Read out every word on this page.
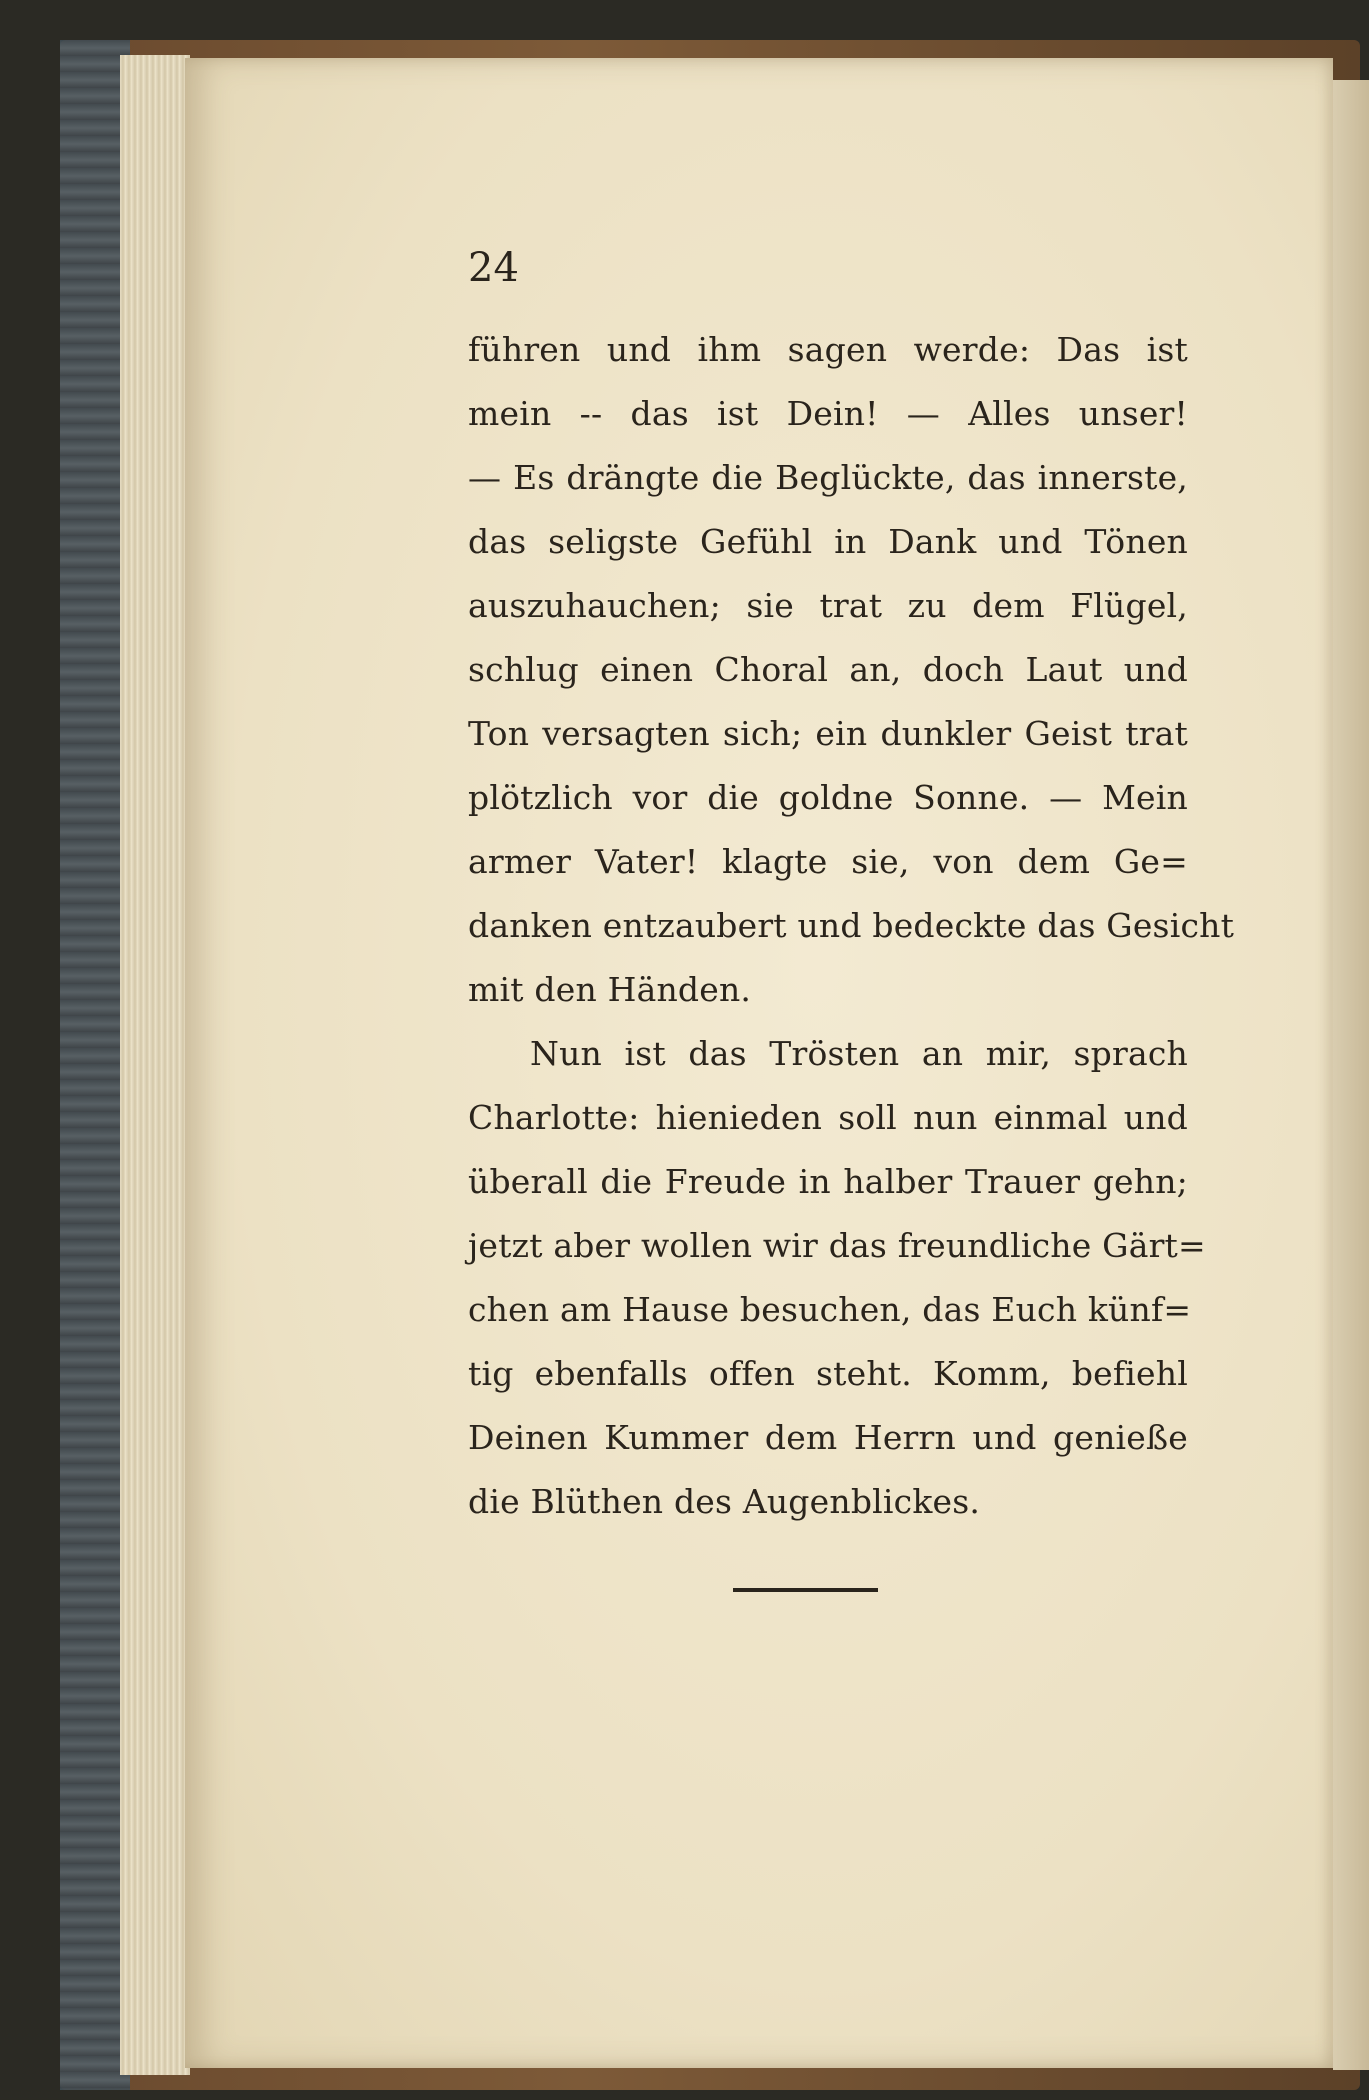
24

führen und ihm sagen werde: Das ist
mein -- das ist Dein! — Alles unser!
— Es drängte die Beglückte, das innerste,
das seligste Gefühl in Dank und Tönen
auszuhauchen; sie trat zu dem Flügel,
schlug einen Choral an, doch Laut und
Ton versagten sich; ein dunkler Geist trat
plötzlich vor die goldne Sonne. — Mein
armer Vater! klagte sie, von dem Ge=
danken entzaubert und bedeckte das Gesicht
mit den Händen.

Nun ist das Trösten an mir, sprach
Charlotte: hienieden soll nun einmal und
überall die Freude in halber Trauer gehn;
jetzt aber wollen wir das freundliche Gärt=
chen am Hause besuchen, das Euch künf=
tig ebenfalls offen steht. Komm, befiehl
Deinen Kummer dem Herrn und genieße
die Blüthen des Augenblickes.
